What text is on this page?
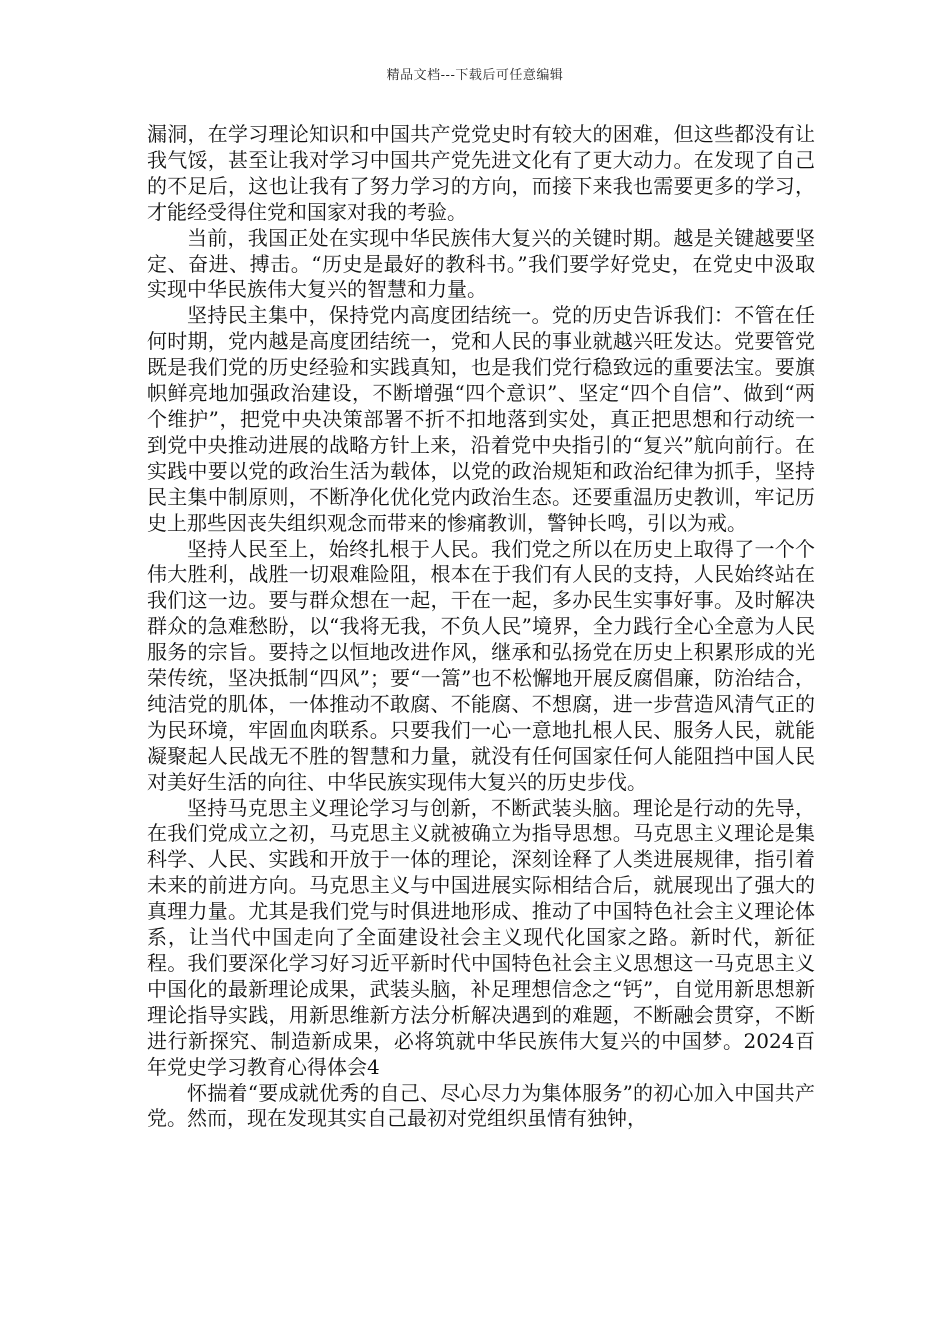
精品文档---下载后可任意编辑

漏洞，在学习理论知识和中国共产党党史时有较大的困难，但这些都没有让我气馁，甚至让我对学习中国共产党先进文化有了更大动力。在发现了自己的不足后，这也让我有了努力学习的方向，而接下来我也需要更多的学习，才能经受得住党和国家对我的考验。

当前，我国正处在实现中华民族伟大复兴的关键时期。越是关键越要坚定、奋进、搏击。“历史是最好的教科书。”我们要学好党史，在党史中汲取实现中华民族伟大复兴的智慧和力量。

坚持民主集中，保持党内高度团结统一。党的历史告诉我们：不管在任何时期，党内越是高度团结统一，党和人民的事业就越兴旺发达。党要管党既是我们党的历史经验和实践真知，也是我们党行稳致远的重要法宝。要旗帜鲜亮地加强政治建设，不断增强“四个意识”、坚定“四个自信”、做到“两个维护”，把党中央决策部署不折不扣地落到实处，真正把思想和行动统一到党中央推动进展的战略方针上来，沿着党中央指引的“复兴”航向前行。在实践中要以党的政治生活为载体，以党的政治规矩和政治纪律为抓手，坚持民主集中制原则，不断净化优化党内政治生态。还要重温历史教训，牢记历史上那些因丧失组织观念而带来的惨痛教训，警钟长鸣，引以为戒。

坚持人民至上，始终扎根于人民。我们党之所以在历史上取得了一个个伟大胜利，战胜一切艰难险阻，根本在于我们有人民的支持，人民始终站在我们这一边。要与群众想在一起，干在一起，多办民生实事好事。及时解决群众的急难愁盼，以“我将无我，不负人民”境界，全力践行全心全意为人民服务的宗旨。要持之以恒地改进作风，继承和弘扬党在历史上积累形成的光荣传统，坚决抵制“四风”；要“一篙”也不松懈地开展反腐倡廉，防治结合，纯洁党的肌体，一体推动不敢腐、不能腐、不想腐，进一步营造风清气正的为民环境，牢固血肉联系。只要我们一心一意地扎根人民、服务人民，就能凝聚起人民战无不胜的智慧和力量，就没有任何国家任何人能阻挡中国人民对美好生活的向往、中华民族实现伟大复兴的历史步伐。

坚持马克思主义理论学习与创新，不断武装头脑。理论是行动的先导，在我们党成立之初，马克思主义就被确立为指导思想。马克思主义理论是集科学、人民、实践和开放于一体的理论，深刻诠释了人类进展规律，指引着未来的前进方向。马克思主义与中国进展实际相结合后，就展现出了强大的真理力量。尤其是我们党与时俱进地形成、推动了中国特色社会主义理论体系，让当代中国走向了全面建设社会主义现代化国家之路。新时代，新征程。我们要深化学习好习近平新时代中国特色社会主义思想这一马克思主义中国化的最新理论成果，武装头脑，补足理想信念之“钙”，自觉用新思想新理论指导实践，用新思维新方法分析解决遇到的难题，不断融会贯穿，不断进行新探究、制造新成果，必将筑就中华民族伟大复兴的中国梦。2024百年党史学习教育心得体会4

怀揣着“要成就优秀的自己、尽心尽力为集体服务”的初心加入中国共产党。然而，现在发现其实自己最初对党组织虽情有独钟，
